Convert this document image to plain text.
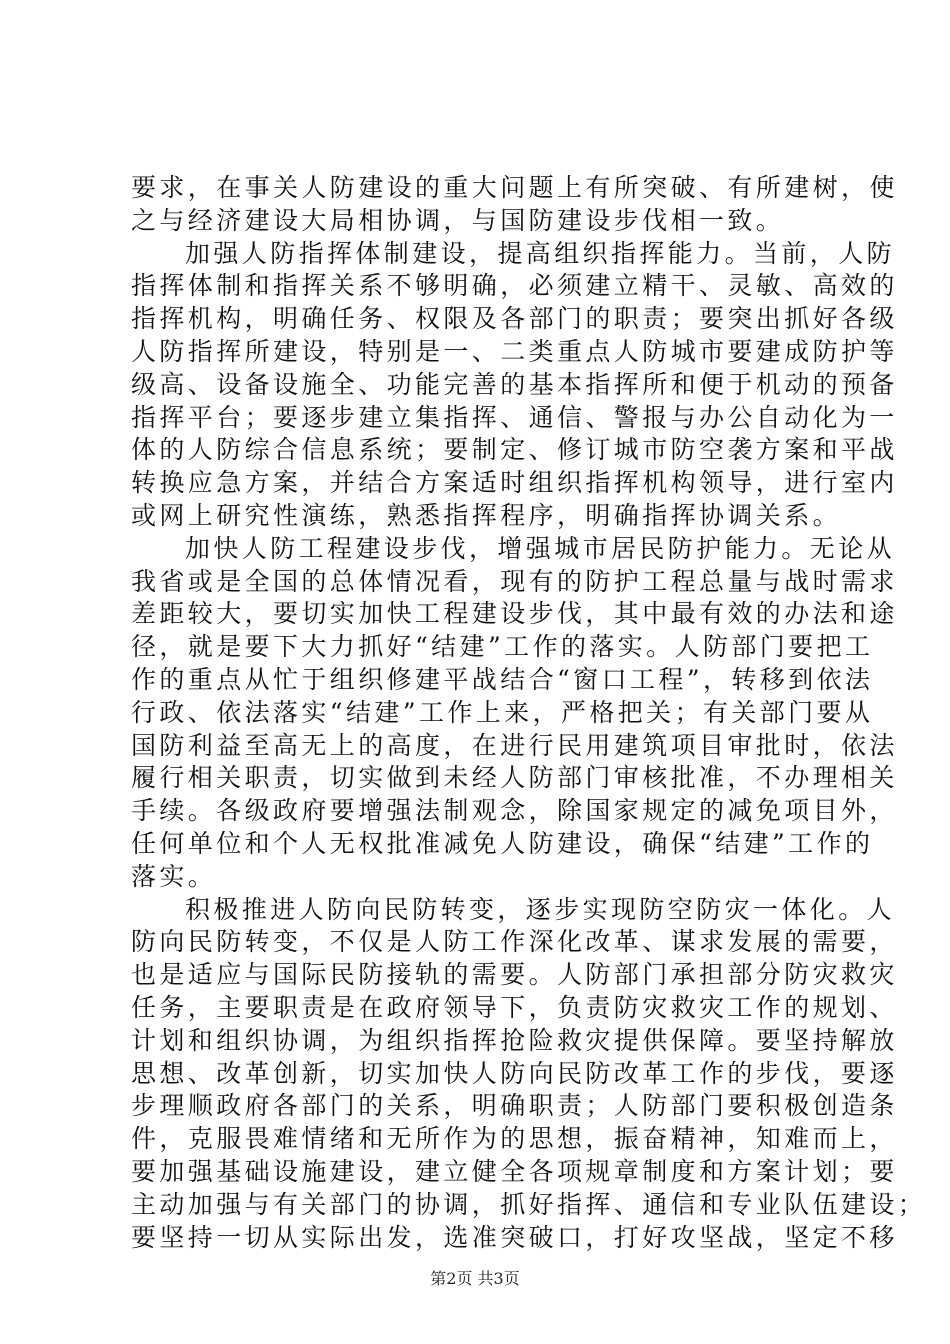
要求，在事关人防建设的重大问题上有所突破、有所建树，使
之与经济建设大局相协调，与国防建设步伐相一致。
加强人防指挥体制建设，提高组织指挥能力。当前，人防
指挥体制和指挥关系不够明确，必须建立精干、灵敏、高效的
指挥机构，明确任务、权限及各部门的职责；要突出抓好各级
人防指挥所建设，特别是一、二类重点人防城市要建成防护等
级高、设备设施全、功能完善的基本指挥所和便于机动的预备
指挥平台；要逐步建立集指挥、通信、警报与办公自动化为一
体的人防综合信息系统；要制定、修订城市防空袭方案和平战
转换应急方案，并结合方案适时组织指挥机构领导，进行室内
或网上研究性演练，熟悉指挥程序，明确指挥协调关系。
加快人防工程建设步伐，增强城市居民防护能力。无论从
我省或是全国的总体情况看，现有的防护工程总量与战时需求
差距较大，要切实加快工程建设步伐，其中最有效的办法和途
径，就是要下大力抓好“结建”工作的落实。人防部门要把工
作的重点从忙于组织修建平战结合“窗口工程”，转移到依法
行政、依法落实“结建”工作上来，严格把关；有关部门要从
国防利益至高无上的高度，在进行民用建筑项目审批时，依法
履行相关职责，切实做到未经人防部门审核批准，不办理相关
手续。各级政府要增强法制观念，除国家规定的减免项目外，
任何单位和个人无权批准减免人防建设，确保“结建”工作的
落实。
积极推进人防向民防转变，逐步实现防空防灾一体化。人
防向民防转变，不仅是人防工作深化改革、谋求发展的需要，
也是适应与国际民防接轨的需要。人防部门承担部分防灾救灾
任务，主要职责是在政府领导下，负责防灾救灾工作的规划、
计划和组织协调，为组织指挥抢险救灾提供保障。要坚持解放
思想、改革创新，切实加快人防向民防改革工作的步伐，要逐
步理顺政府各部门的关系，明确职责；人防部门要积极创造条
件，克服畏难情绪和无所作为的思想，振奋精神，知难而上，
要加强基础设施建设，建立健全各项规章制度和方案计划；要
主动加强与有关部门的协调，抓好指挥、通信和专业队伍建设；
要坚持一切从实际出发，选准突破口，打好攻坚战，坚定不移
第2页 共3页
